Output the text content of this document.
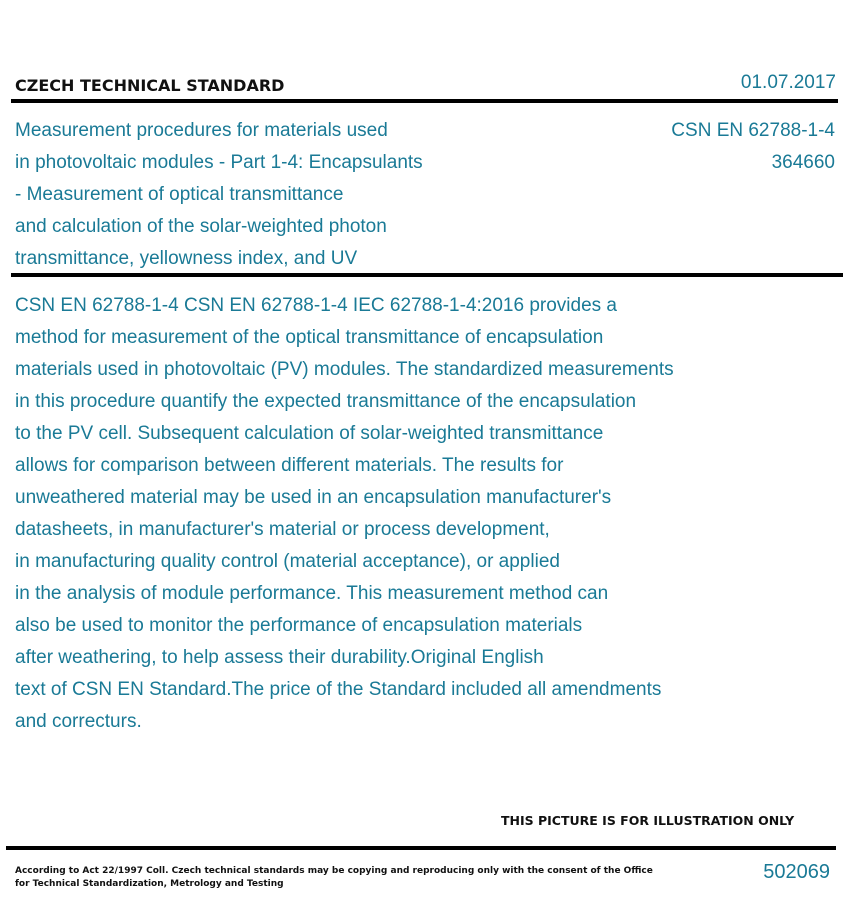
CZECH TECHNICAL STANDARD	01.07.2017
Measurement procedures for materials used
in photovoltaic modules - Part 1-4: Encapsulants
- Measurement of optical transmittance
and calculation of the solar-weighted photon
transmittance, yellowness index, and UV
CSN EN 62788-1-4
364660
CSN EN 62788-1-4 CSN EN 62788-1-4 IEC 62788-1-4:2016 provides a
method for measurement of the optical transmittance of encapsulation
materials used in photovoltaic (PV) modules. The standardized measurements
in this procedure quantify the expected transmittance of the encapsulation
to the PV cell. Subsequent calculation of solar-weighted transmittance
allows for comparison between different materials. The results for
unweathered material may be used in an encapsulation manufacturer's
datasheets, in manufacturer's material or process development,
in manufacturing quality control (material acceptance), or applied
in the analysis of module performance. This measurement method can
also be used to monitor the performance of encapsulation materials
after weathering, to help assess their durability.Original English
text of CSN EN Standard.The price of the Standard included all amendments
and correcturs.
THIS PICTURE IS FOR ILLUSTRATION ONLY
According to Act 22/1997 Coll. Czech technical standards may be copying and reproducing only with the consent of the Office
for Technical Standardization, Metrology and Testing
502069
